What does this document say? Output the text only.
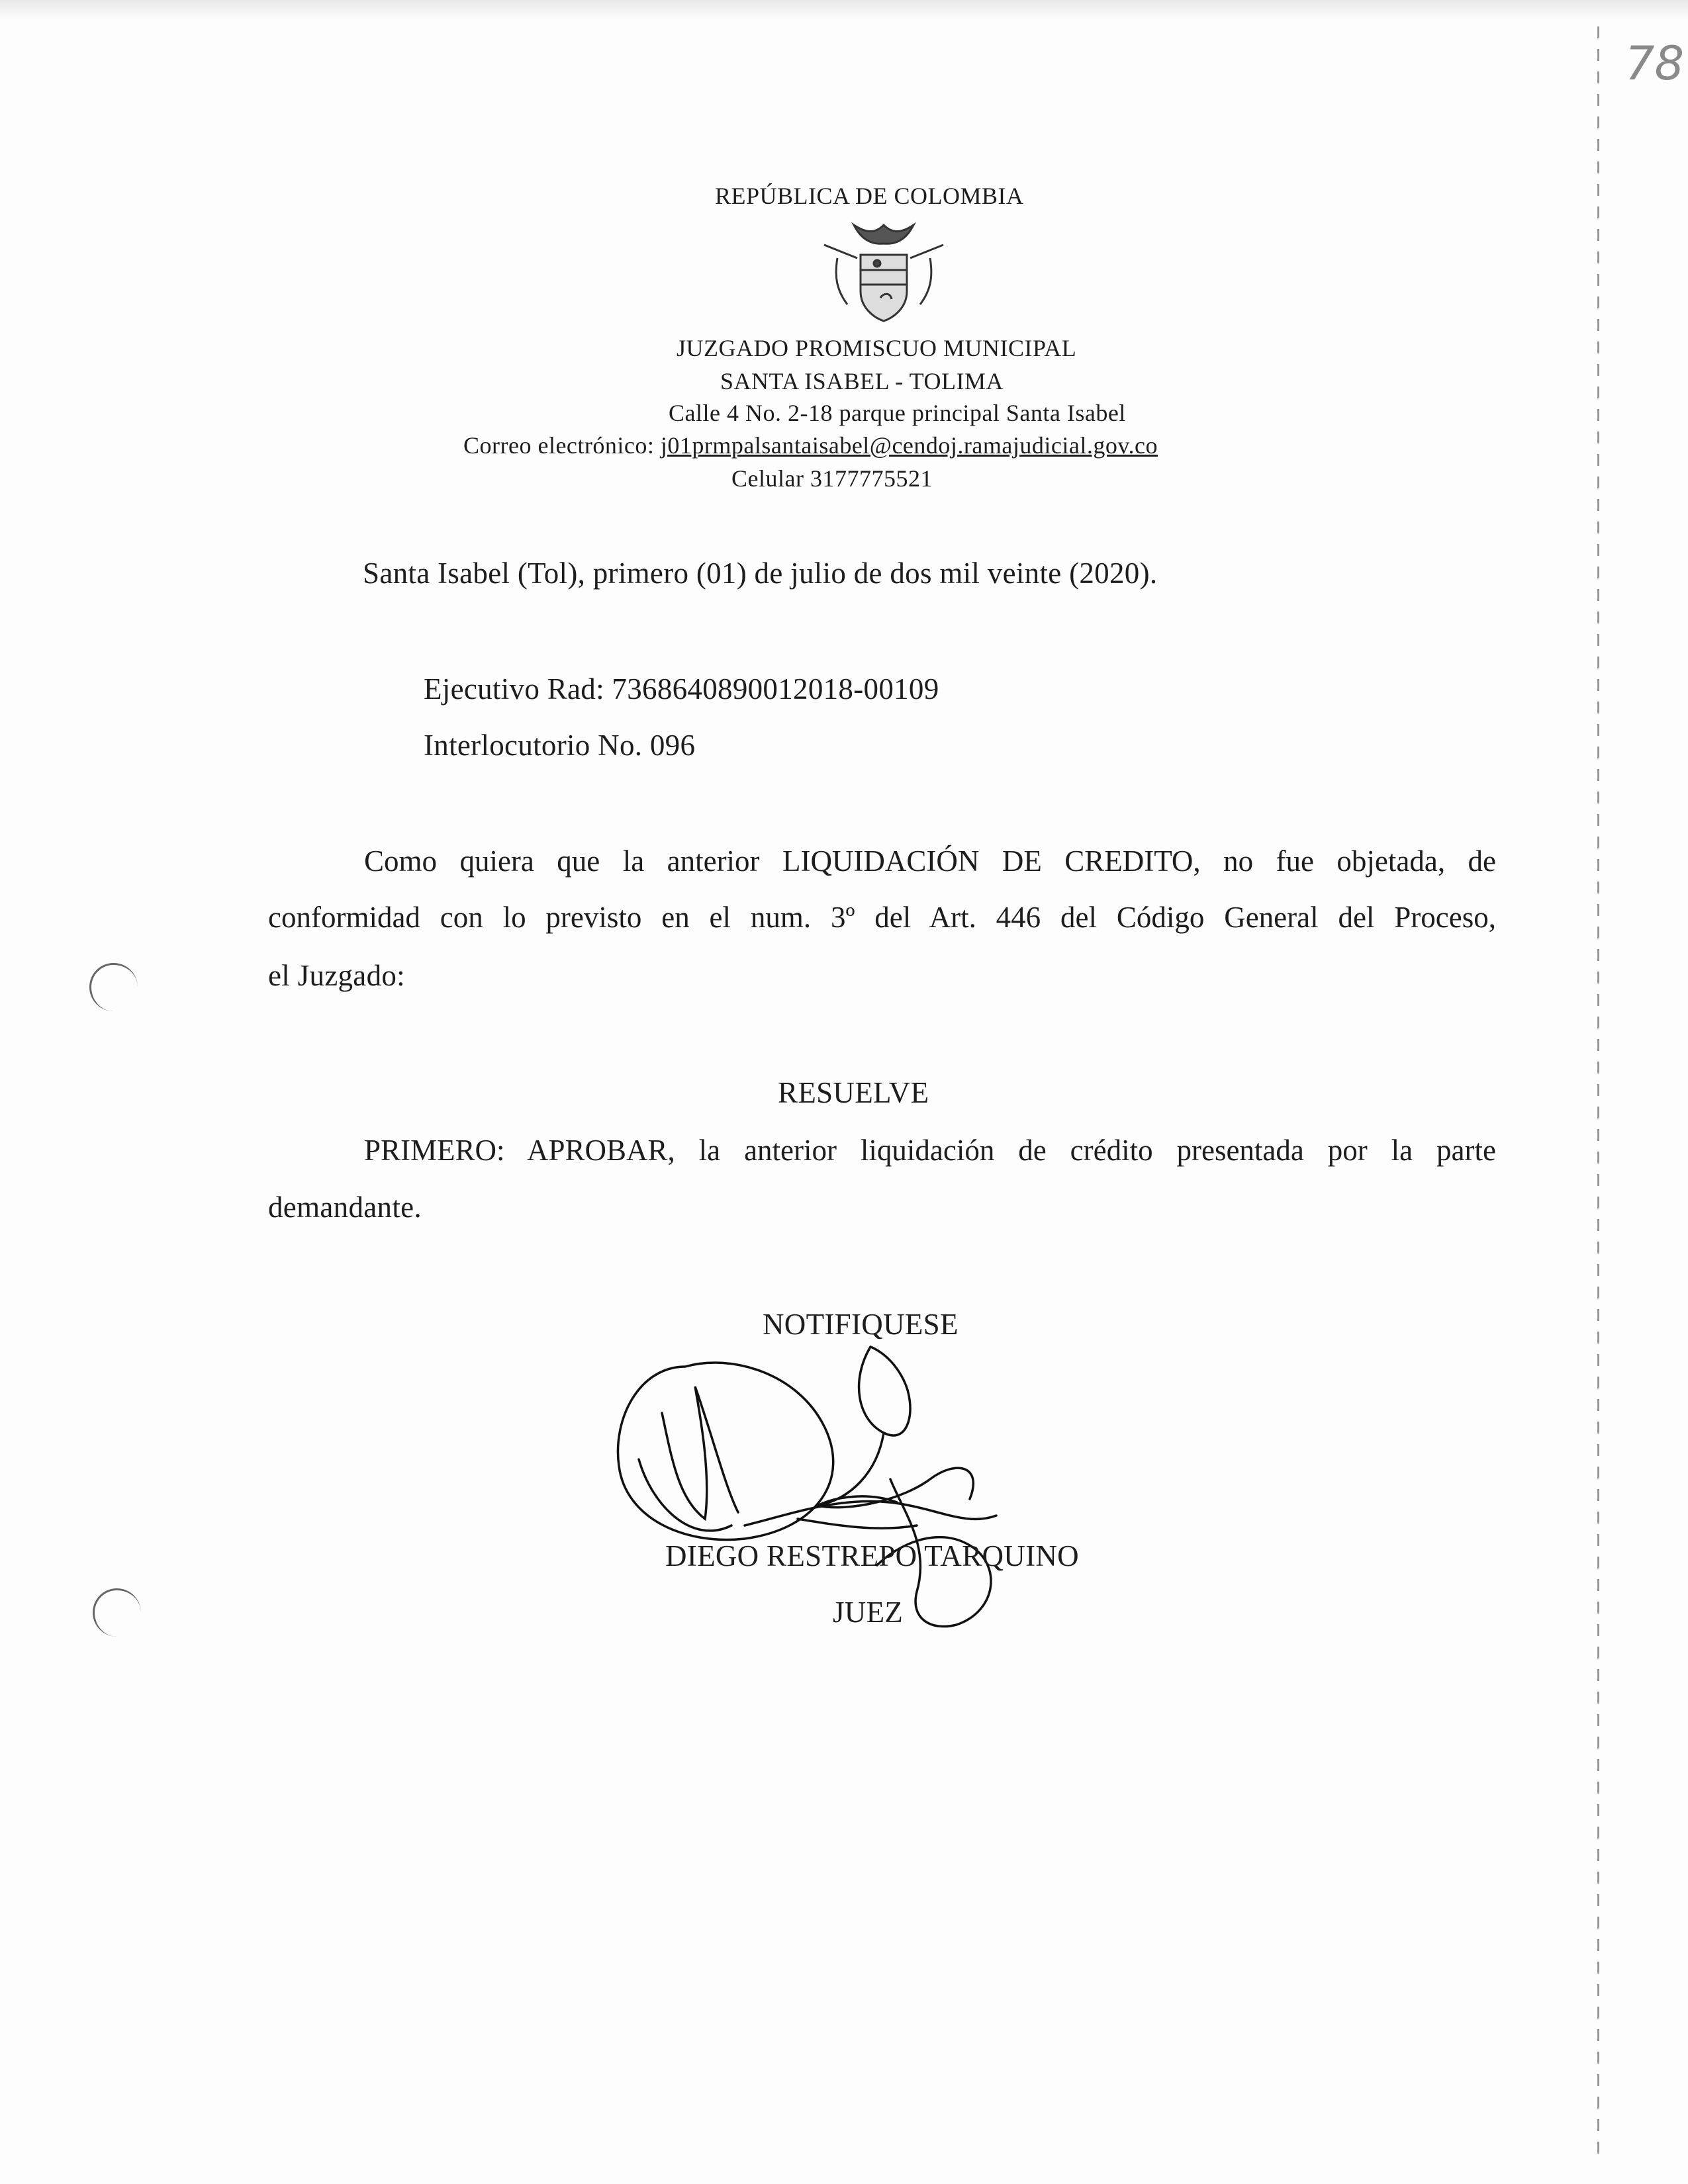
78
REPÚBLICA DE COLOMBIA
JUZGADO PROMISCUO MUNICIPAL
SANTA ISABEL - TOLIMA
Calle 4 No. 2-18 parque principal Santa Isabel
Correo electrónico: j01prmpalsantaisabel@cendoj.ramajudicial.gov.co
Celular 3177775521
Santa Isabel (Tol), primero (01) de julio de dos mil veinte (2020).
Ejecutivo Rad: 7368640890012018-00109
Interlocutorio No. 096
Como quiera que la anterior LIQUIDACIÓN DE CREDITO, no fue objetada, de
conformidad con lo previsto en el num. 3º del Art. 446 del Código General del Proceso,
el Juzgado:
RESUELVE
PRIMERO: APROBAR, la anterior liquidación de crédito presentada por la parte
demandante.
NOTIFIQUESE
DIEGO RESTREPO TARQUINO
JUEZ
